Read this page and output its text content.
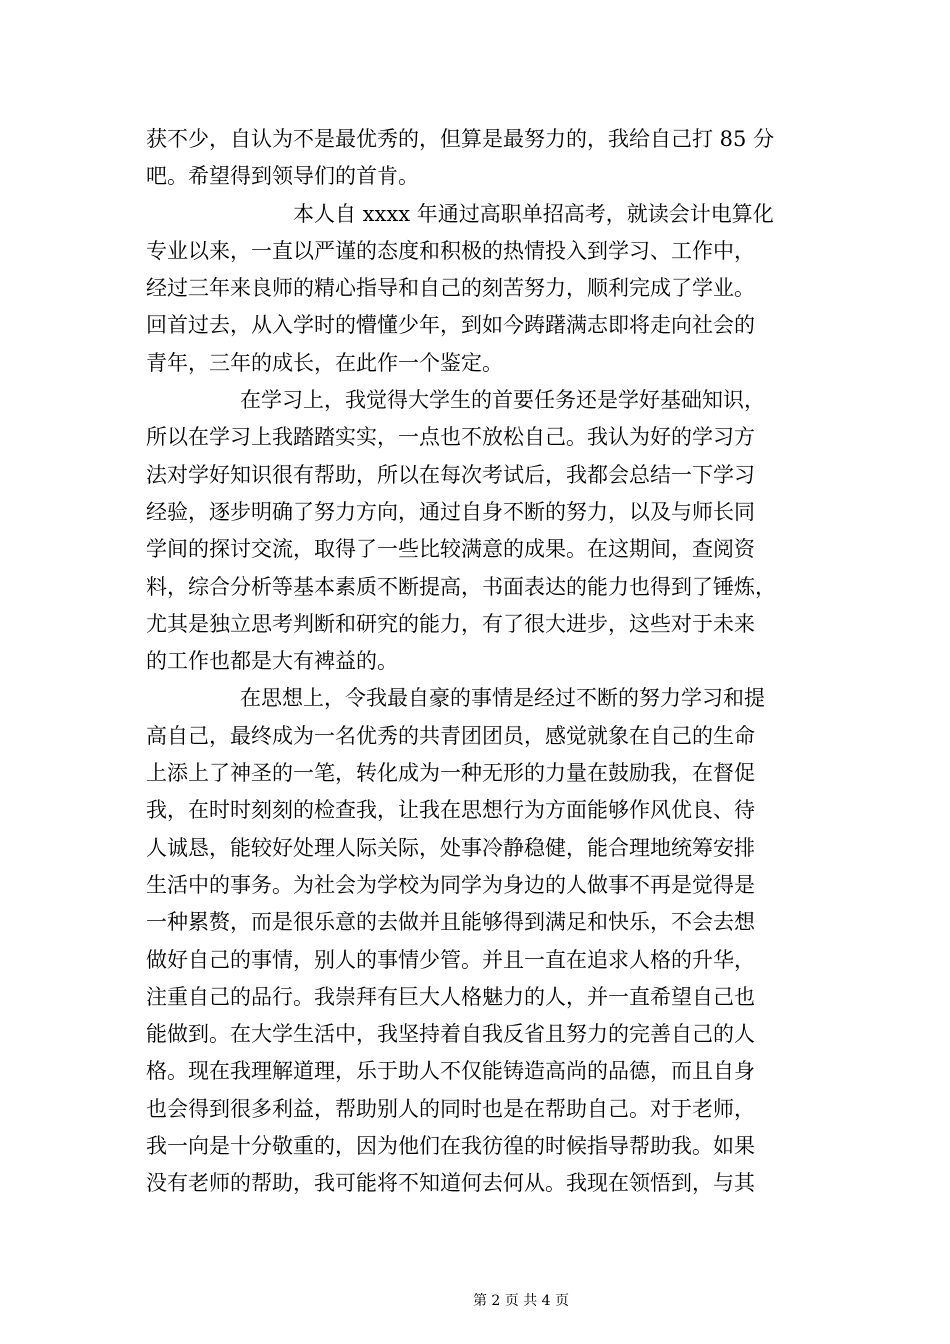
获不少，自认为不是最优秀的，但算是最努力的，我给自己打 85 分
吧。希望得到领导们的首肯。
本人自 xxxx 年通过高职单招高考，就读会计电算化
专业以来，一直以严谨的态度和积极的热情投入到学习、工作中，
经过三年来良师的精心指导和自己的刻苦努力，顺利完成了学业。
回首过去，从入学时的懵懂少年，到如今踌躇满志即将走向社会的
青年，三年的成长，在此作一个鉴定。
在学习上，我觉得大学生的首要任务还是学好基础知识，
所以在学习上我踏踏实实，一点也不放松自己。我认为好的学习方
法对学好知识很有帮助，所以在每次考试后，我都会总结一下学习
经验，逐步明确了努力方向，通过自身不断的努力，以及与师长同
学间的探讨交流，取得了一些比较满意的成果。在这期间，查阅资
料，综合分析等基本素质不断提高，书面表达的能力也得到了锤炼，
尤其是独立思考判断和研究的能力，有了很大进步，这些对于未来
的工作也都是大有裨益的。
在思想上，令我最自豪的事情是经过不断的努力学习和提
高自己，最终成为一名优秀的共青团团员，感觉就象在自己的生命
上添上了神圣的一笔，转化成为一种无形的力量在鼓励我，在督促
我，在时时刻刻的检查我，让我在思想行为方面能够作风优良、待
人诚恳，能较好处理人际关际，处事冷静稳健，能合理地统筹安排
生活中的事务。为社会为学校为同学为身边的人做事不再是觉得是
一种累赘，而是很乐意的去做并且能够得到满足和快乐，不会去想
做好自己的事情，别人的事情少管。并且一直在追求人格的升华，
注重自己的品行。我崇拜有巨大人格魅力的人，并一直希望自己也
能做到。在大学生活中，我坚持着自我反省且努力的完善自己的人
格。现在我理解道理，乐于助人不仅能铸造高尚的品德，而且自身
也会得到很多利益，帮助别人的同时也是在帮助自己。对于老师，
我一向是十分敬重的，因为他们在我彷徨的时候指导帮助我。如果
没有老师的帮助，我可能将不知道何去何从。我现在领悟到，与其
第 2 页 共 4 页
